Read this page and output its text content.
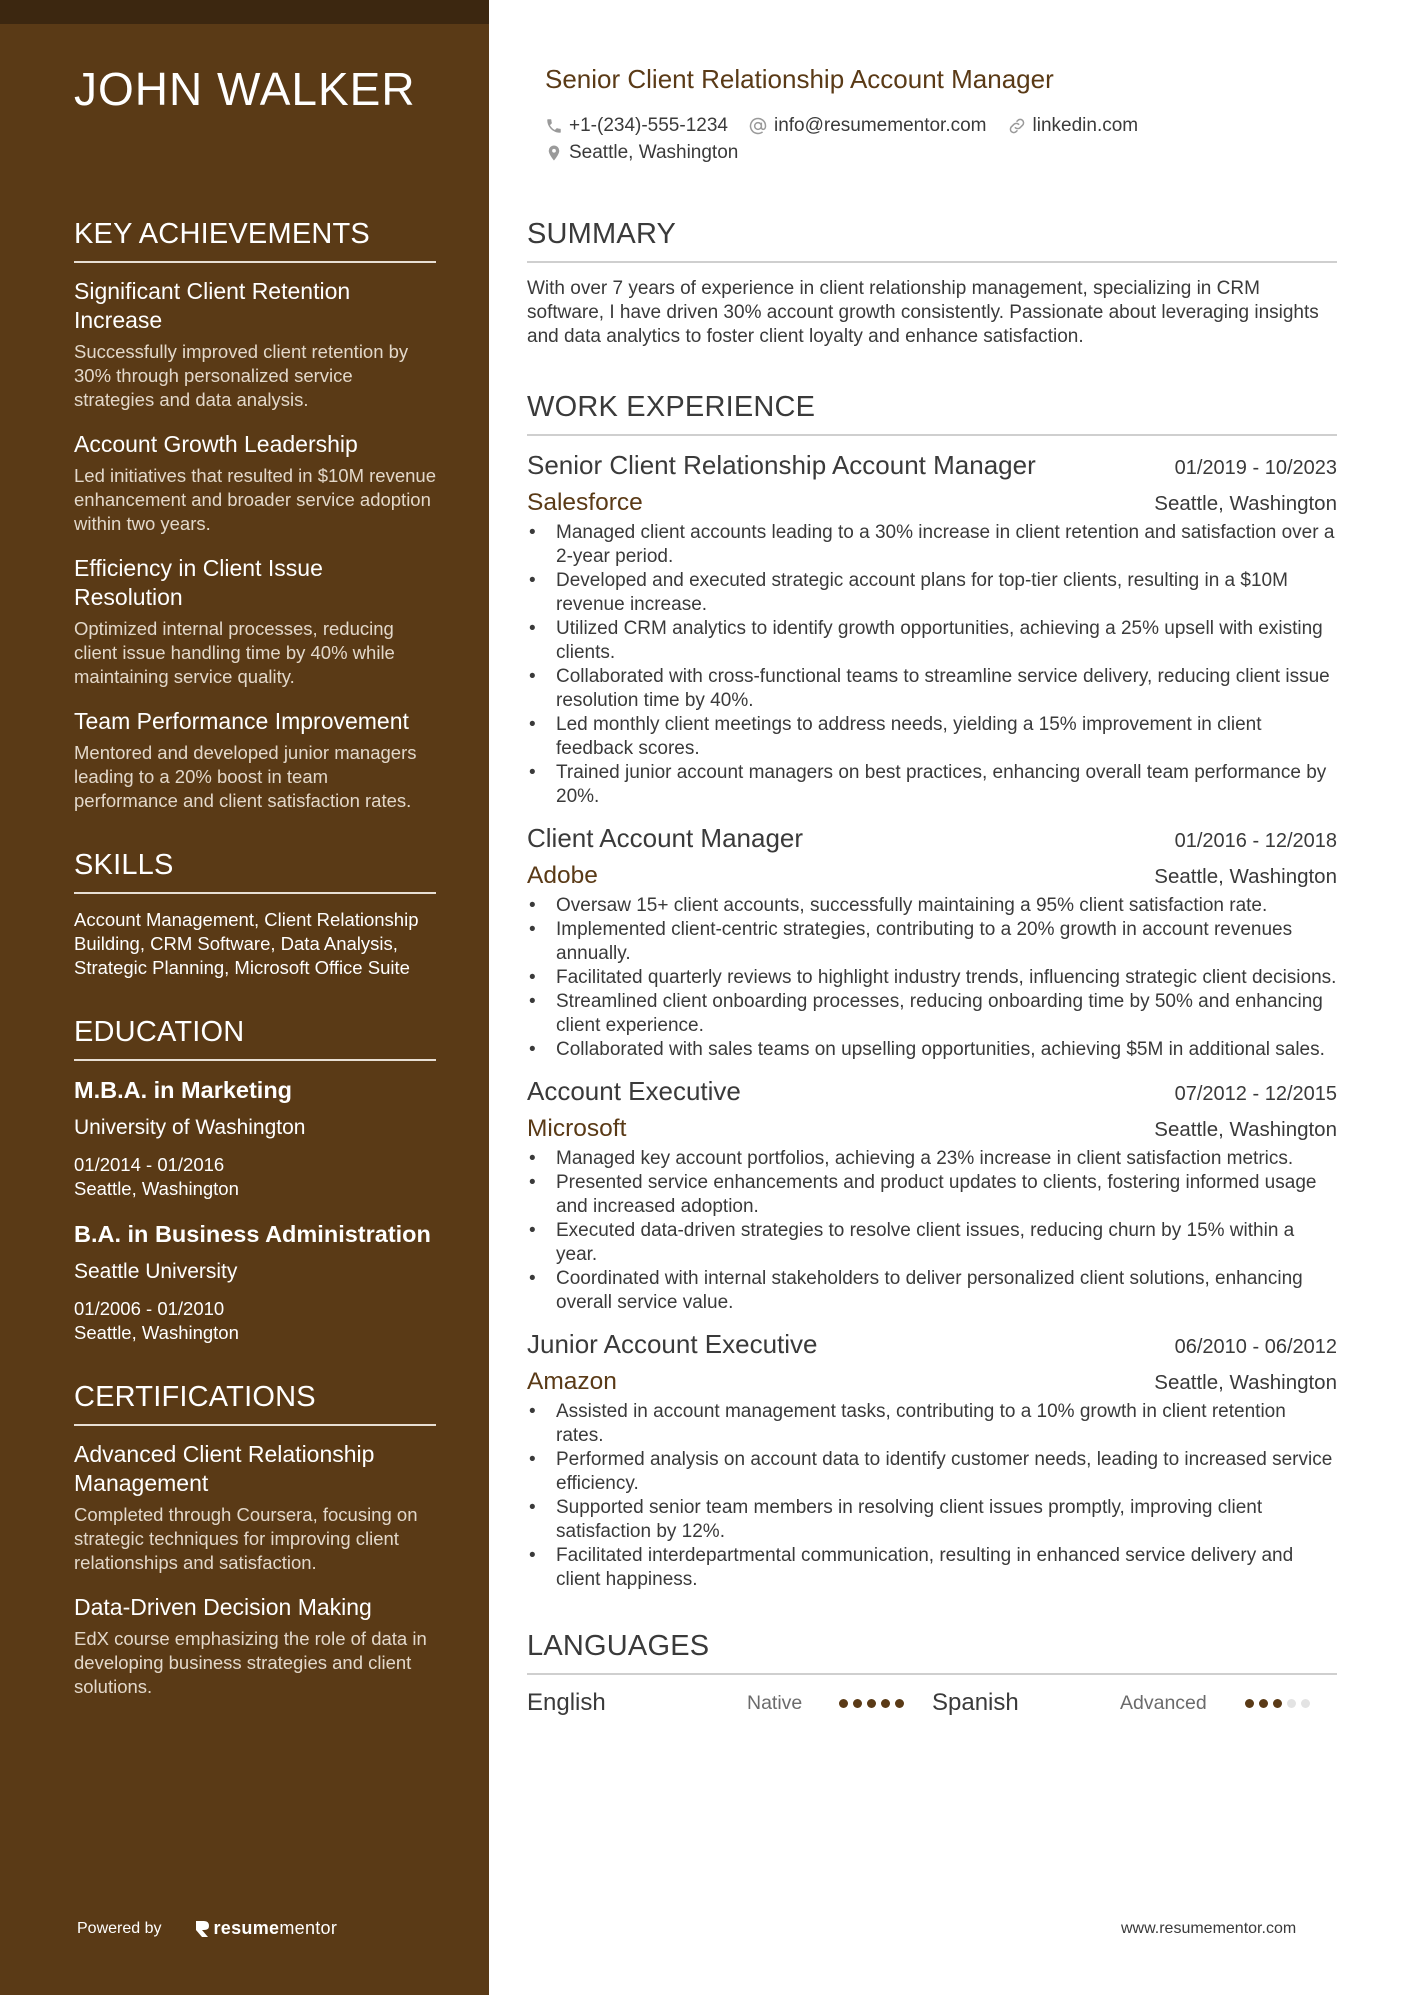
JOHN WALKER
KEY ACHIEVEMENTS
Significant Client Retention Increase
Successfully improved client retention by 30% through personalized service strategies and data analysis.
Account Growth Leadership
Led initiatives that resulted in $10M revenue enhancement and broader service adoption within two years.
Efficiency in Client Issue Resolution
Optimized internal processes, reducing client issue handling time by 40% while maintaining service quality.
Team Performance Improvement
Mentored and developed junior managers leading to a 20% boost in team performance and client satisfaction rates.
SKILLS
Account Management, Client Relationship Building, CRM Software, Data Analysis, Strategic Planning, Microsoft Office Suite
EDUCATION
M.B.A. in Marketing
University of Washington
01/2014 - 01/2016
Seattle, Washington
B.A. in Business Administration
Seattle University
01/2006 - 01/2010
Seattle, Washington
CERTIFICATIONS
Advanced Client Relationship Management
Completed through Coursera, focusing on strategic techniques for improving client relationships and satisfaction.
Data-Driven Decision Making
EdX course emphasizing the role of data in developing business strategies and client solutions.
Powered by	resume mentor
Senior Client Relationship Account Manager
+1-(234)-555-1234 info@resumementor.com linkedin.com
Seattle, Washington
SUMMARY
With over 7 years of experience in client relationship management, specializing in CRM software, I have driven 30% account growth consistently. Passionate about leveraging insights and data analytics to foster client loyalty and enhance satisfaction.
WORK EXPERIENCE
Senior Client Relationship Account Manager	01/2019 - 10/2023
Salesforce	Seattle, Washington
• Managed client accounts leading to a 30% increase in client retention and satisfaction over a 2-year period.
• Developed and executed strategic account plans for top-tier clients, resulting in a $10M revenue increase.
• Utilized CRM analytics to identify growth opportunities, achieving a 25% upsell with existing clients.
• Collaborated with cross-functional teams to streamline service delivery, reducing client issue resolution time by 40%.
• Led monthly client meetings to address needs, yielding a 15% improvement in client feedback scores.
• Trained junior account managers on best practices, enhancing overall team performance by 20%.
Client Account Manager	01/2016 - 12/2018
Adobe	Seattle, Washington
• Oversaw 15+ client accounts, successfully maintaining a 95% client satisfaction rate.
• Implemented client-centric strategies, contributing to a 20% growth in account revenues annually.
• Facilitated quarterly reviews to highlight industry trends, influencing strategic client decisions.
• Streamlined client onboarding processes, reducing onboarding time by 50% and enhancing client experience.
• Collaborated with sales teams on upselling opportunities, achieving $5M in additional sales.
Account Executive	07/2012 - 12/2015
Microsoft	Seattle, Washington
• Managed key account portfolios, achieving a 23% increase in client satisfaction metrics.
• Presented service enhancements and product updates to clients, fostering informed usage and increased adoption.
• Executed data-driven strategies to resolve client issues, reducing churn by 15% within a year.
• Coordinated with internal stakeholders to deliver personalized client solutions, enhancing overall service value.
Junior Account Executive	06/2010 - 06/2012
Amazon	Seattle, Washington
• Assisted in account management tasks, contributing to a 10% growth in client retention rates.
• Performed analysis on account data to identify customer needs, leading to increased service efficiency.
• Supported senior team members in resolving client issues promptly, improving client satisfaction by 12%.
• Facilitated interdepartmental communication, resulting in enhanced service delivery and client happiness.
LANGUAGES
English	Native	Spanish	Advanced
www.resumementor.com
